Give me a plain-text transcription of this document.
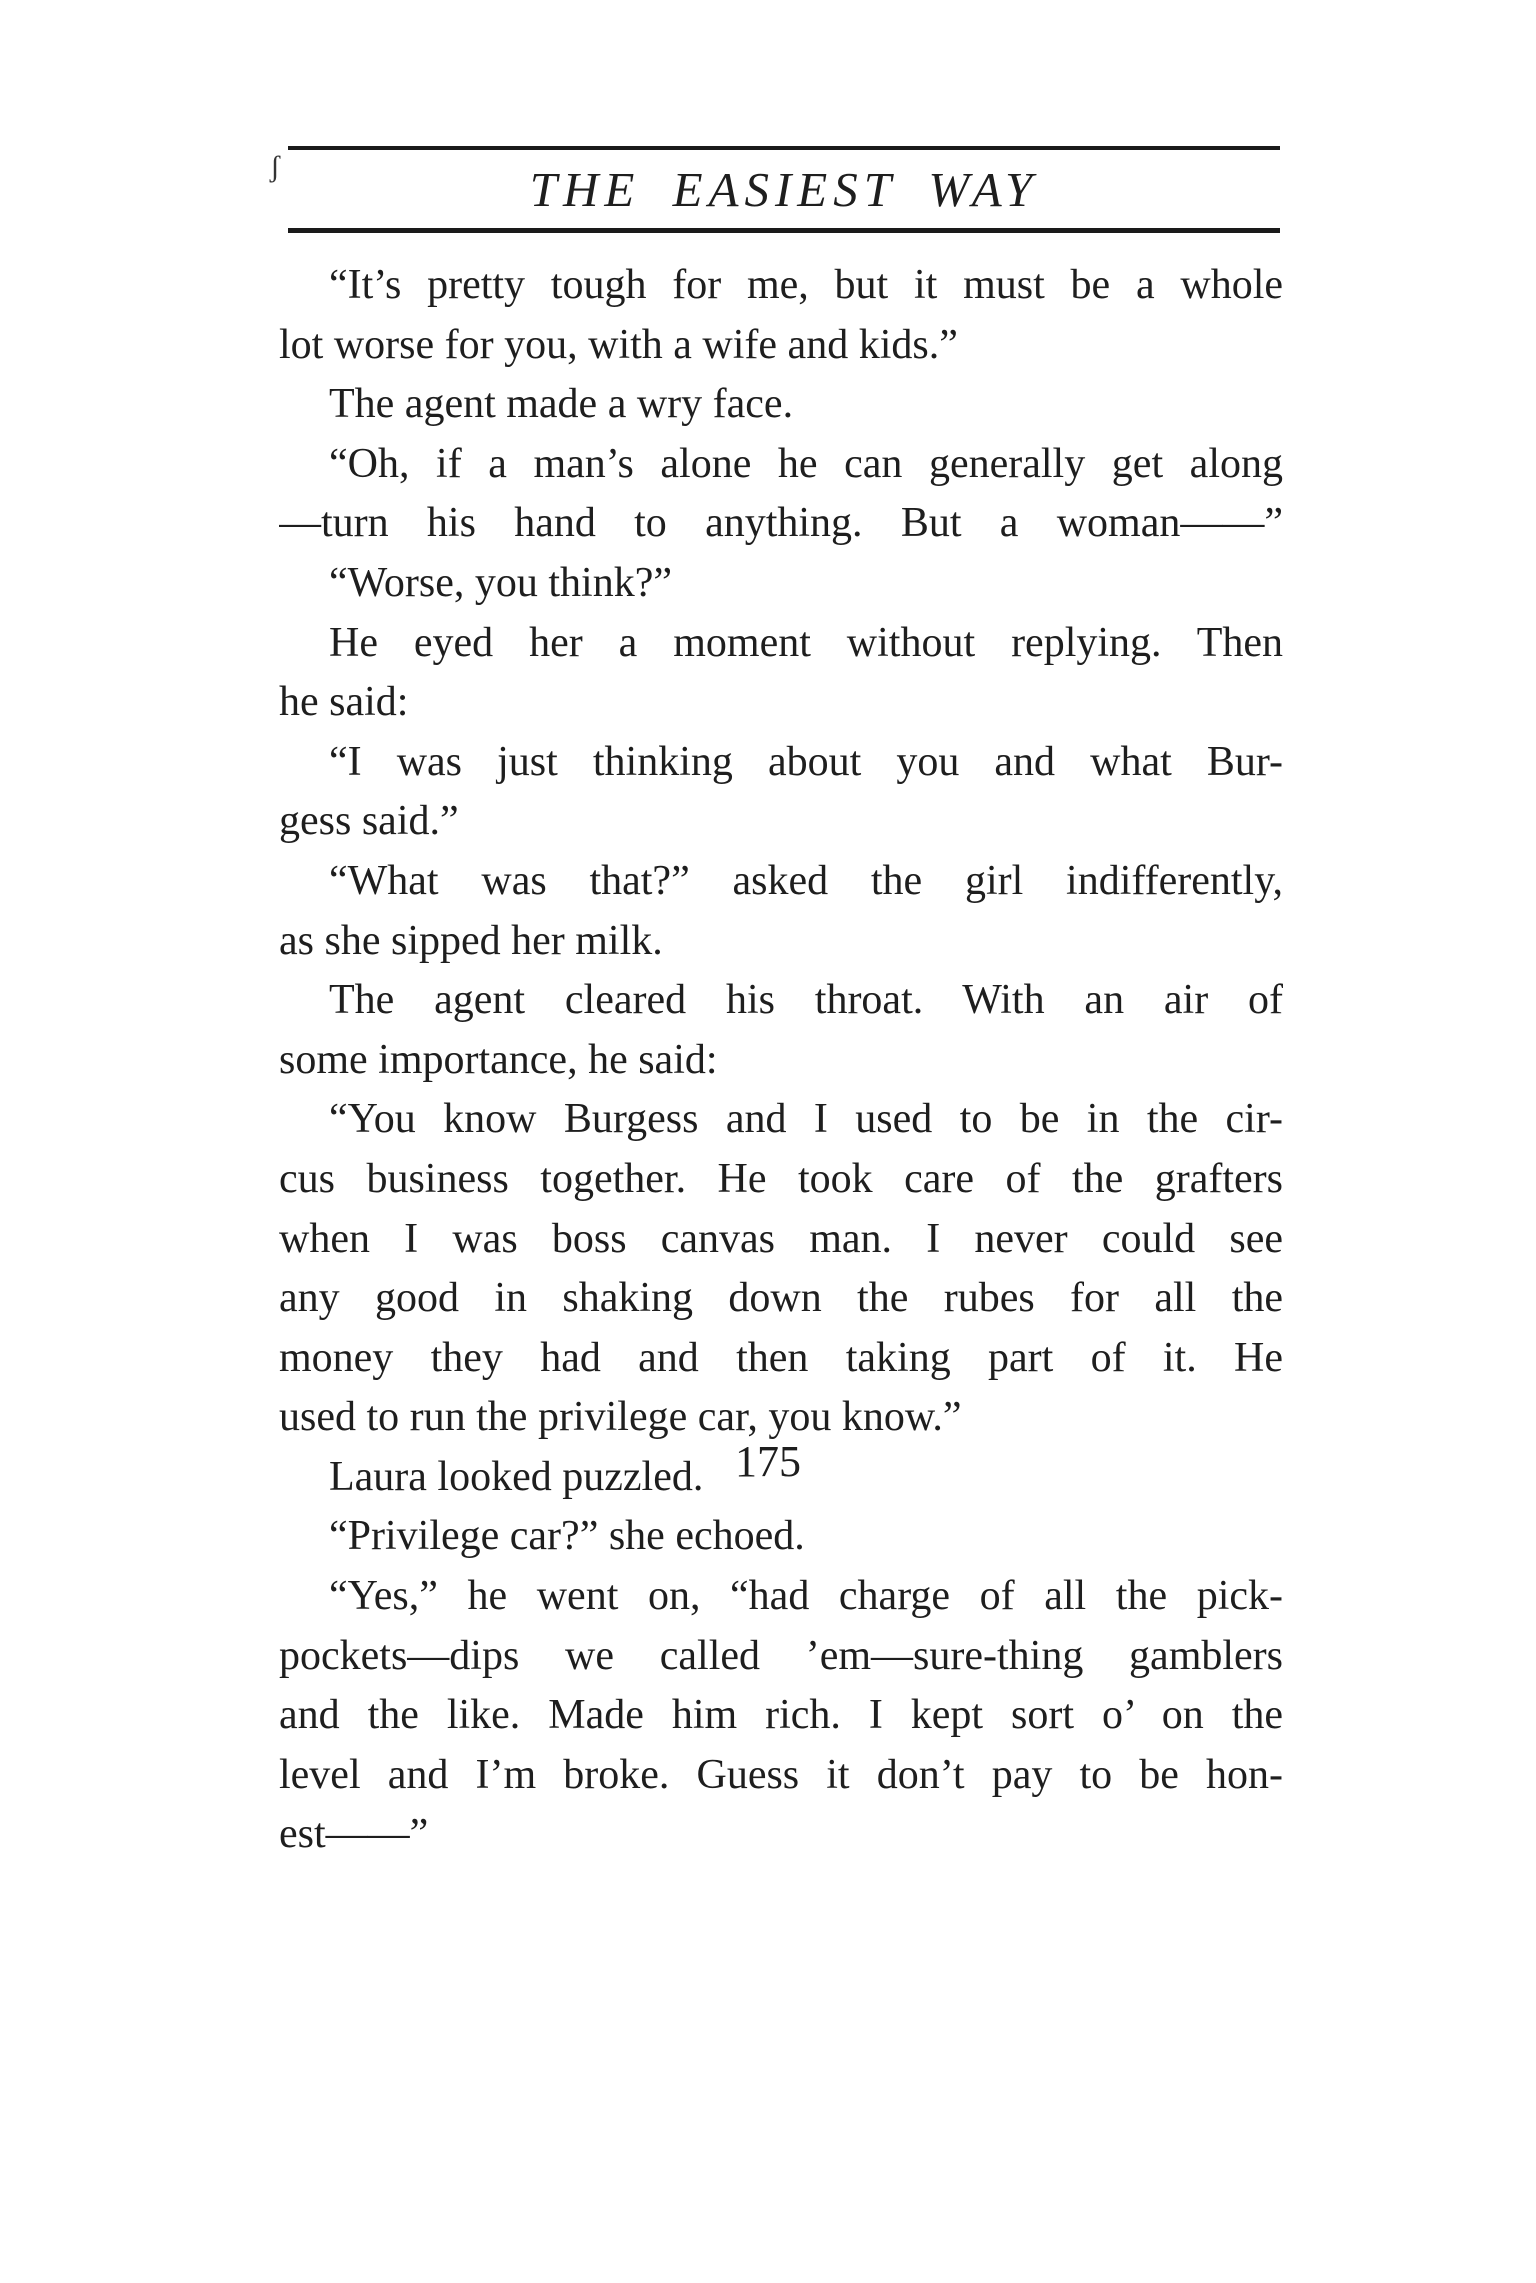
ʃ	THE EASIEST WAY
“It’s pretty tough for me, but it must be a whole
lot worse for you, with a wife and kids.”
The agent made a wry face.
“Oh, if a man’s alone he can generally get along
—turn his hand to anything. But a woman——”
“Worse, you think?”
He eyed her a moment without replying. Then
he said:
“I was just thinking about you and what Bur-
gess said.”
“What was that?” asked the girl indifferently,
as she sipped her milk.
The agent cleared his throat. With an air of
some importance, he said:
“You know Burgess and I used to be in the cir-
cus business together. He took care of the grafters
when I was boss canvas man. I never could see
any good in shaking down the rubes for all the
money they had and then taking part of it. He
used to run the privilege car, you know.”
Laura looked puzzled.
“Privilege car?” she echoed.
“Yes,” he went on, “had charge of all the pick-
pockets—dips we called ’em—sure-thing gamblers
and the like. Made him rich. I kept sort o’ on the
level and I’m broke. Guess it don’t pay to be hon-
est——”
175
